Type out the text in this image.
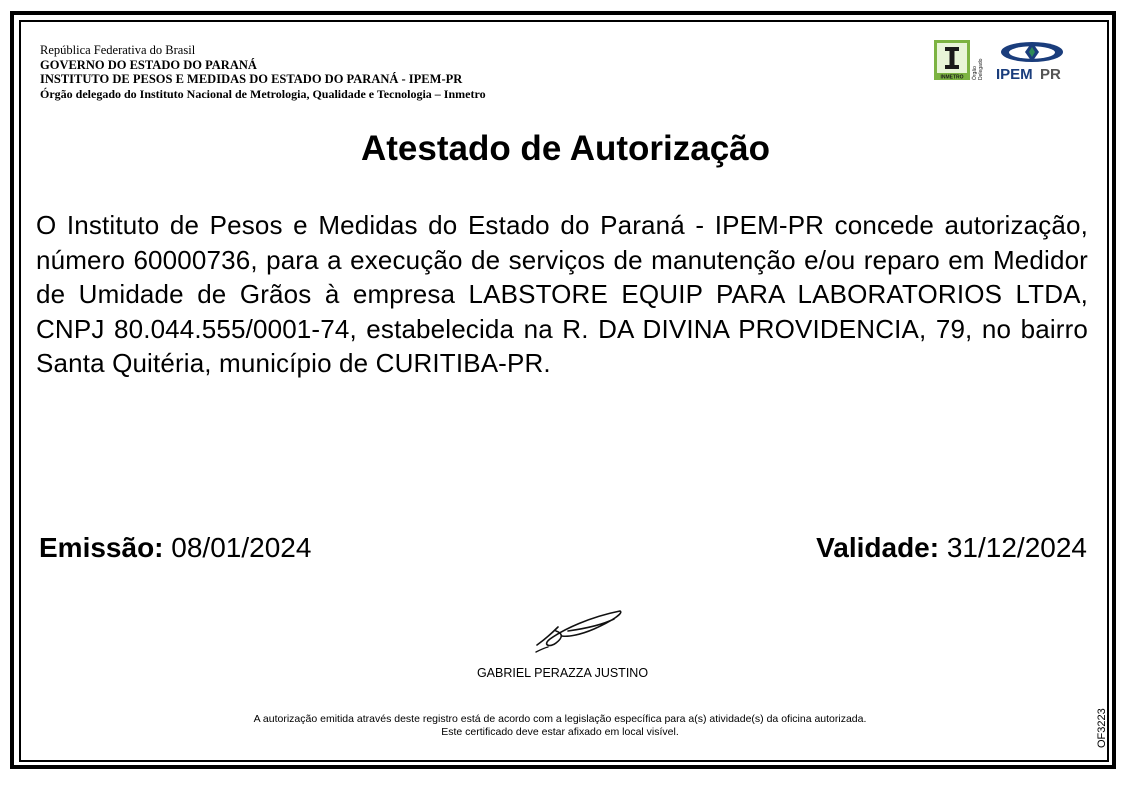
República Federativa do Brasil
GOVERNO DO ESTADO DO PARANÁ
INSTITUTO DE PESOS E MEDIDAS DO ESTADO DO PARANÁ - IPEM-PR
Órgão delegado do Instituto Nacional de Metrologia, Qualidade e Tecnologia – Inmetro
INMETRO Órgão Delegado IPEM PR
Atestado de Autorização
O Instituto de Pesos e Medidas do Estado do Paraná - IPEM-PR concede autorização, número 60000736, para a execução de serviços de manutenção e/ou reparo em Medidor de Umidade de Grãos à empresa LABSTORE EQUIP PARA LABORATORIOS LTDA, CNPJ 80.044.555/0001-74, estabelecida na R. DA DIVINA PROVIDENCIA, 79, no bairro Santa Quitéria, município de CURITIBA-PR.
Emissão: 08/01/2024	Validade: 31/12/2024
GABRIEL PERAZZA JUSTINO
A autorização emitida através deste registro está de acordo com a legislação específica para a(s) atividade(s) da oficina autorizada.
Este certificado deve estar afixado em local visível.	OF3223
